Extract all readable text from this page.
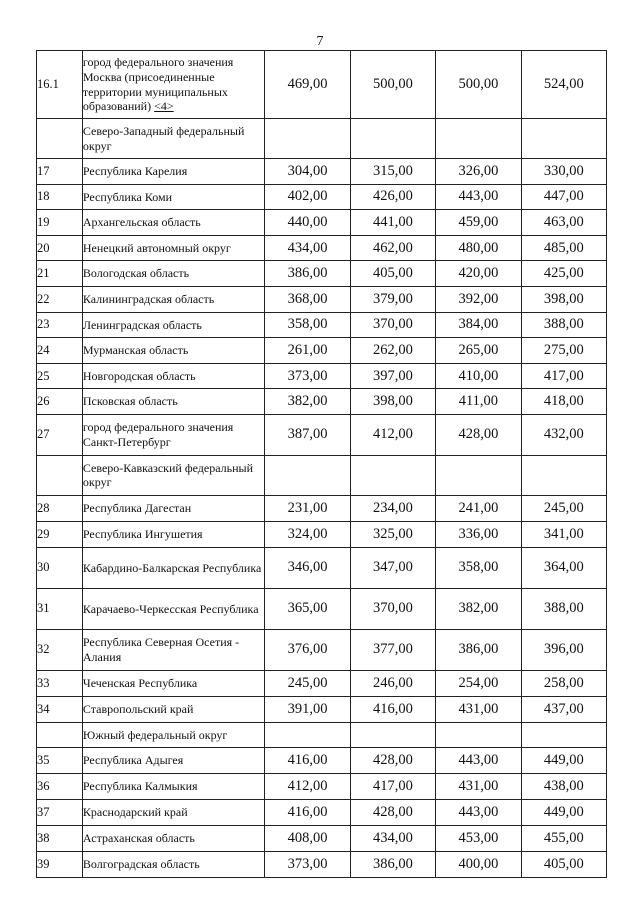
7
16.1	город федерального значения Москва (присоединенные территории муниципальных образований) <4>	469,00	500,00	500,00	524,00
	Северо-Западный федеральный округ				
17	Республика Карелия	304,00	315,00	326,00	330,00
18	Республика Коми	402,00	426,00	443,00	447,00
19	Архангельская область	440,00	441,00	459,00	463,00
20	Ненецкий автономный округ	434,00	462,00	480,00	485,00
21	Вологодская область	386,00	405,00	420,00	425,00
22	Калининградская область	368,00	379,00	392,00	398,00
23	Ленинградская область	358,00	370,00	384,00	388,00
24	Мурманская область	261,00	262,00	265,00	275,00
25	Новгородская область	373,00	397,00	410,00	417,00
26	Псковская область	382,00	398,00	411,00	418,00
27	город федерального значения Санкт-Петербург	387,00	412,00	428,00	432,00
	Северо-Кавказский федеральный округ				
28	Республика Дагестан	231,00	234,00	241,00	245,00
29	Республика Ингушетия	324,00	325,00	336,00	341,00
30	Кабардино-Балкарская Республика	346,00	347,00	358,00	364,00
31	Карачаево-Черкесская Республика	365,00	370,00	382,00	388,00
32	Республика Северная Осетия - Алания	376,00	377,00	386,00	396,00
33	Чеченская Республика	245,00	246,00	254,00	258,00
34	Ставропольский край	391,00	416,00	431,00	437,00
	Южный федеральный округ				
35	Республика Адыгея	416,00	428,00	443,00	449,00
36	Республика Калмыкия	412,00	417,00	431,00	438,00
37	Краснодарский край	416,00	428,00	443,00	449,00
38	Астраханская область	408,00	434,00	453,00	455,00
39	Волгоградская область	373,00	386,00	400,00	405,00
